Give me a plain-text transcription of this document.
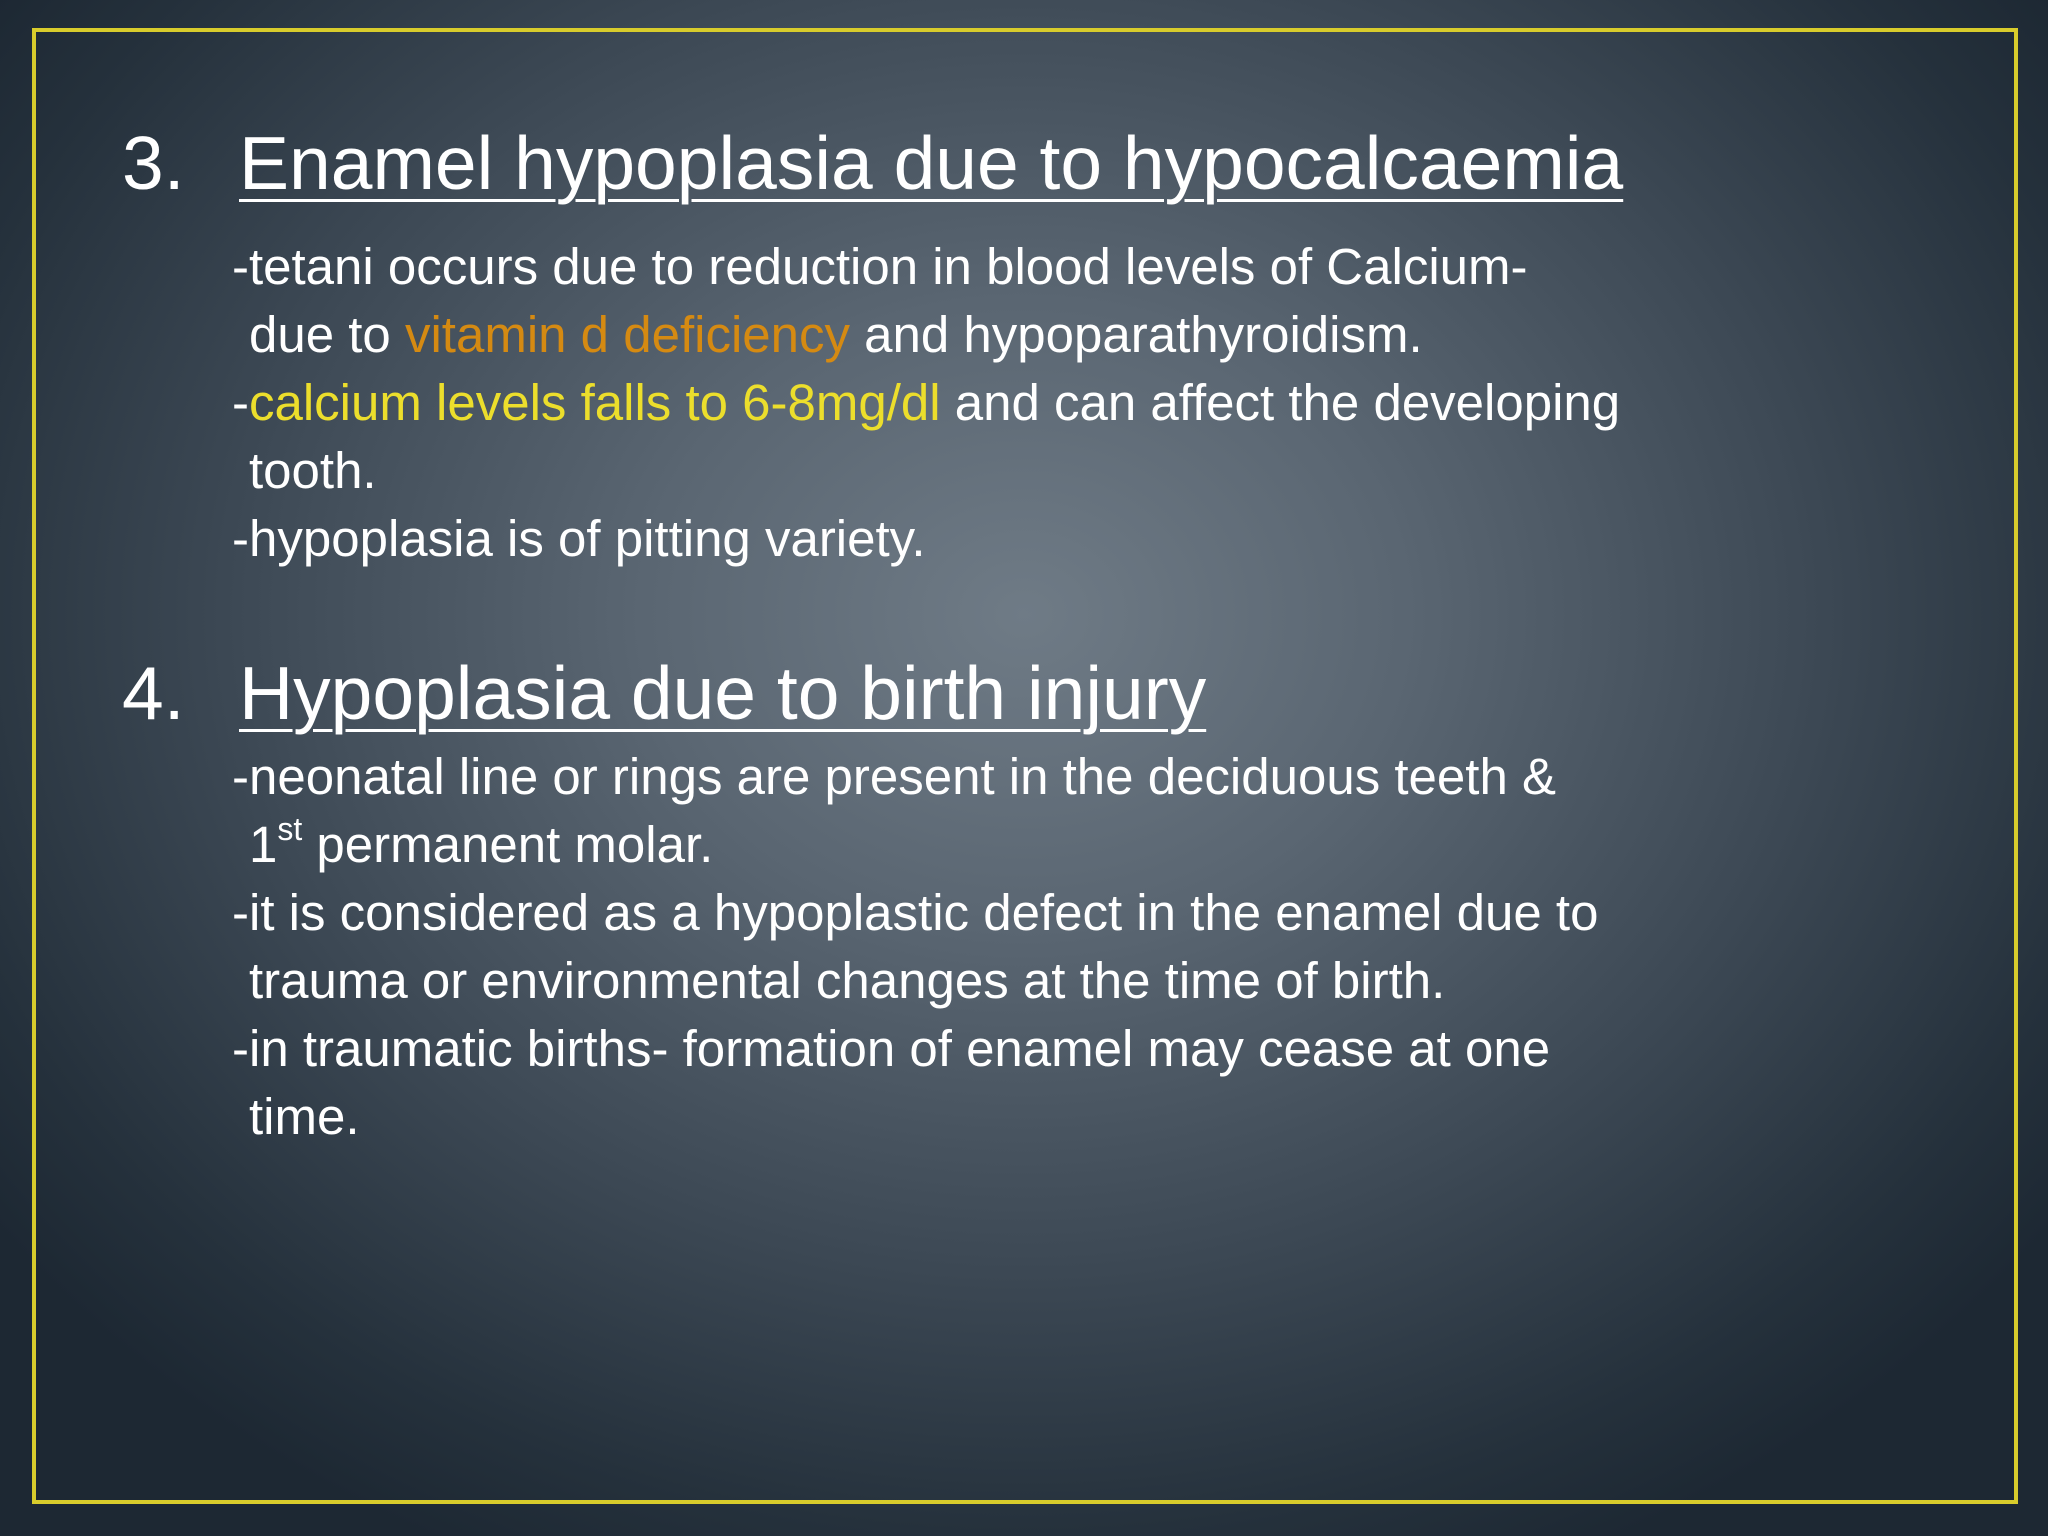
3. Enamel hypoplasia due to hypocalcaemia
-tetani occurs due to reduction in blood levels of Calcium-
due to vitamin d deficiency and hypoparathyroidism.
-calcium levels falls to 6-8mg/dl and can affect the developing
tooth.
-hypoplasia is of pitting variety.
4. Hypoplasia due to birth injury
-neonatal line or rings are present in the deciduous teeth &
1st permanent molar.
-it is considered as a hypoplastic defect in the enamel due to
trauma or environmental changes at the time of birth.
-in traumatic births- formation of enamel may cease at one
time.
